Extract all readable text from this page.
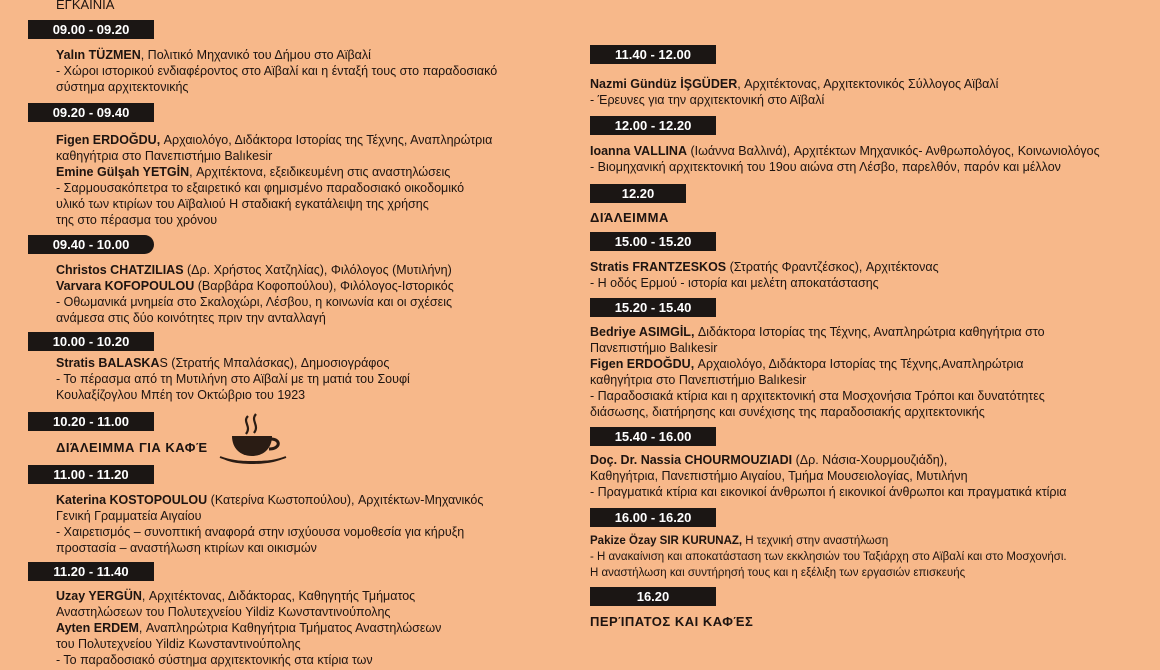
ΕΓΚΑΙΝΙΑ
09.00 - 09.20
Yalın TÜZMEN, Πολιτικό Μηχανικό του Δήμου στο Αϊβαλί
- Χώροι ιστορικού ενδιαφέροντος στο Αϊβαλί και η ένταξή τους στο παραδοσιακό
σύστημα αρχιτεκτονικής
09.20 - 09.40
Figen ERDOĞDU, Αρχαιολόγο, Διδάκτορα Ιστορίας της Τέχνης, Αναπληρώτρια
καθηγήτρια στο Πανεπιστήμιο Balıkesir
Emine Gülşah YETGİN, Αρχιτέκτονα, εξειδικευμένη στις αναστηλώσεις
- Σαρμουσακόπετρα το εξαιρετικό και φημισμένο παραδοσιακό οικοδομικό
υλικό των κτιρίων του Αϊβαλιού Η σταδιακή εγκατάλειψη της χρήσης
της στο πέρασμα του χρόνου
09.40 - 10.00
Christos CHATZILIAS (Δρ. Χρήστος Χατζηλίας), Φιλόλογος (Μυτιλήνη)
Varvara KOFOPOULOU (Βαρβάρα Κοφοπούλου), Φιλόλογος-Ιστορικός
- Οθωμανικά μνημεία στο Σκαλοχώρι, Λέσβου, η κοινωνία και οι σχέσεις
ανάμεσα στις δύο κοινότητες πριν την ανταλλαγή
10.00 - 10.20
Stratis BALASKAS (Στρατής Μπαλάσκας), Δημοσιογράφος
- Το πέρασμα από τη Μυτιλήνη στο Αϊβαλί με τη ματιά του Σουφί
Κουλαξίζογλου Μπέη τον Οκτώβριο του 1923
10.20 - 11.00
ΔΙΆΛΕΙΜΜΑ ΓΙΑ ΚΑΦΈ
11.00 - 11.20
Katerina KOSTOPOULOU (Κατερίνα Κωστοπούλου), Αρχιτέκτων-Μηχανικός
Γενική Γραμματεία Αιγαίου
- Χαιρετισμός – συνοπτική αναφορά στην ισχύουσα νομοθεσία για κήρυξη
προστασία – αναστήλωση κτιρίων και οικισμών
11.20 - 11.40
Uzay YERGÜN, Αρχιτέκτονας, Διδάκτορας, Καθηγητής Τμήματος
Αναστηλώσεων του Πολυτεχνείου Yildiz Κωνσταντινούπολης
Ayten ERDEM, Αναπληρώτρια Καθηγήτρια Τμήματος Αναστηλώσεων
του Πολυτεχνείου Yildiz Κωνσταντινούπολης
- Το παραδοσιακό σύστημα αρχιτεκτονικής στα κτίρια των
11.40 - 12.00
Nazmi Gündüz İŞGÜDER, Αρχιτέκτονας, Αρχιτεκτονικός Σύλλογος Αϊβαλί
- Έρευνες για την αρχιτεκτονική στο Αϊβαλί
12.00 - 12.20
Ioanna VALLINA (Ιωάννα Βαλλινά), Αρχιτέκτων Μηχανικός- Ανθρωπολόγος, Κοινωνιολόγος
- Βιομηχανική αρχιτεκτονική του 19ου αιώνα στη Λέσβο, παρελθόν, παρόν και μέλλον
12.20
ΔΙΆΛΕΙΜΜΑ
15.00 - 15.20
Stratis FRANTZESKOS (Στρατής Φραντζέσκος), Αρχιτέκτονας
- Η οδός Ερμού - ιστορία και μελέτη αποκατάστασης
15.20 - 15.40
Bedriye ASIMGİL, Διδάκτορα Ιστορίας της Τέχνης, Αναπληρώτρια καθηγήτρια στο
Πανεπιστήμιο Balıkesir
Figen ERDOĞDU, Αρχαιολόγο, Διδάκτορα Ιστορίας της Τέχνης,Αναπληρώτρια
καθηγήτρια στο Πανεπιστήμιο Balıkesir
- Παραδοσιακά κτίρια και η αρχιτεκτονική στα Μοσχονήσια Τρόποι και δυνατότητες
διάσωσης, διατήρησης και συνέχισης της παραδοσιακής αρχιτεκτονικής
15.40 - 16.00
Doç. Dr. Nassia CHOURMOUZIADI (Δρ. Νάσια-Χουρμουζιάδη),
Καθηγήτρια, Πανεπιστήμιο Αιγαίου, Τμήμα Μουσειολογίας, Μυτιλήνη
- Πραγματικά κτίρια και εικονικοί άνθρωποι ή εικονικοί άνθρωποι και πραγματικά κτίρια
16.00 - 16.20
Pakize Özay SIR KURUNAZ, Η τεχνική στην αναστήλωση
- Η ανακαίνιση και αποκατάσταση των εκκλησιών του Ταξιάρχη στο Αϊβαλί και στο Μοσχονήσι.
Η αναστήλωση και συντήρησή τους και η εξέλιξη των εργασιών επισκευής
16.20
ΠΕΡΊΠΑΤΟΣ ΚΑΙ ΚΑΦΈΣ
